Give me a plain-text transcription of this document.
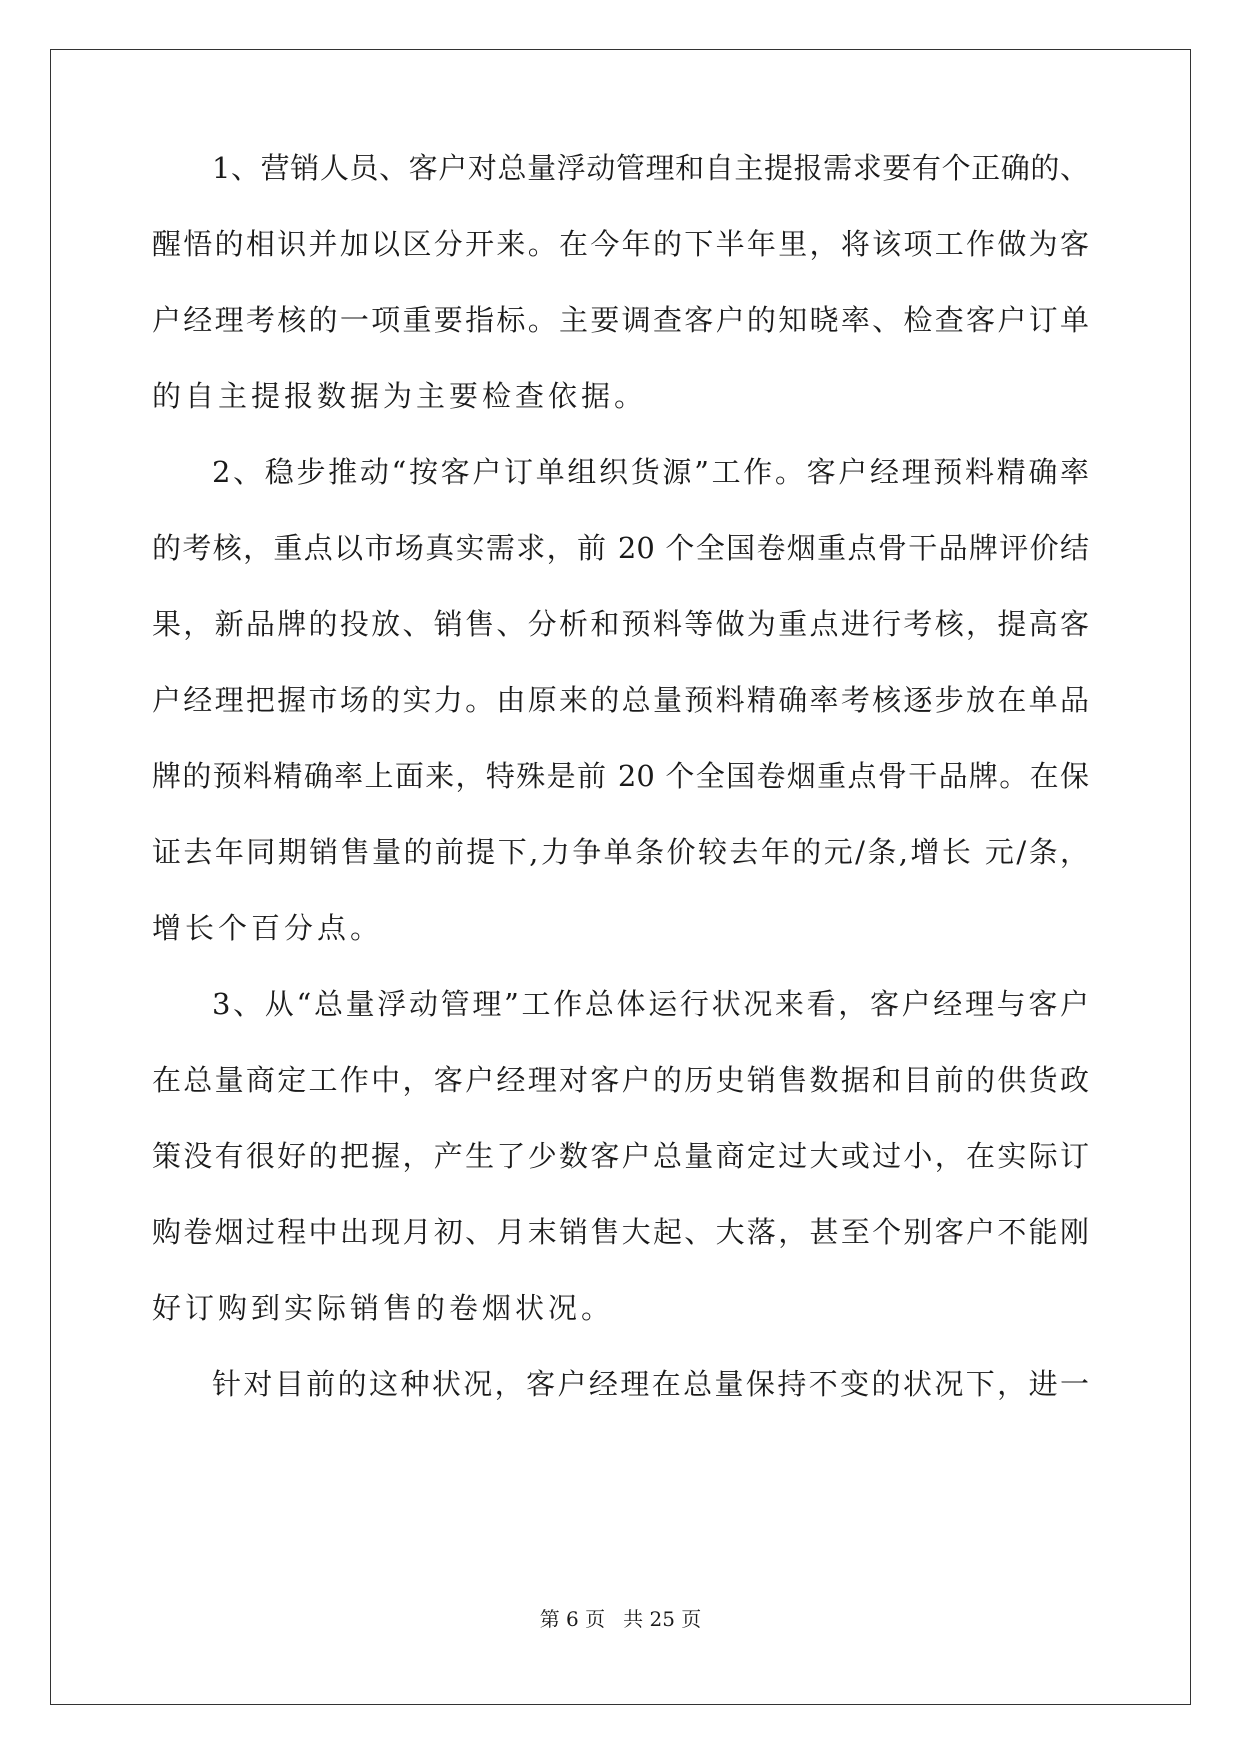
1、营销人员、客户对总量浮动管理和自主提报需求要有个正确的、
醒悟的相识并加以区分开来。在今年的下半年里，将该项工作做为客
户经理考核的一项重要指标。主要调查客户的知晓率、检查客户订单
的自主提报数据为主要检查依据。
2、稳步推动“按客户订单组织货源”工作。客户经理预料精确率
的考核，重点以市场真实需求，前 20 个全国卷烟重点骨干品牌评价结
果，新品牌的投放、销售、分析和预料等做为重点进行考核，提高客
户经理把握市场的实力。由原来的总量预料精确率考核逐步放在单品
牌的预料精确率上面来，特殊是前 20 个全国卷烟重点骨干品牌。在保
证去年同期销售量的前提下,力争单条价较去年的元/条,增长 元/条，
增长个百分点。
3、从“总量浮动管理”工作总体运行状况来看，客户经理与客户
在总量商定工作中，客户经理对客户的历史销售数据和目前的供货政
策没有很好的把握，产生了少数客户总量商定过大或过小，在实际订
购卷烟过程中出现月初、月末销售大起、大落，甚至个别客户不能刚
好订购到实际销售的卷烟状况。
针对目前的这种状况，客户经理在总量保持不变的状况下，进一
第 6 页 共 25 页
